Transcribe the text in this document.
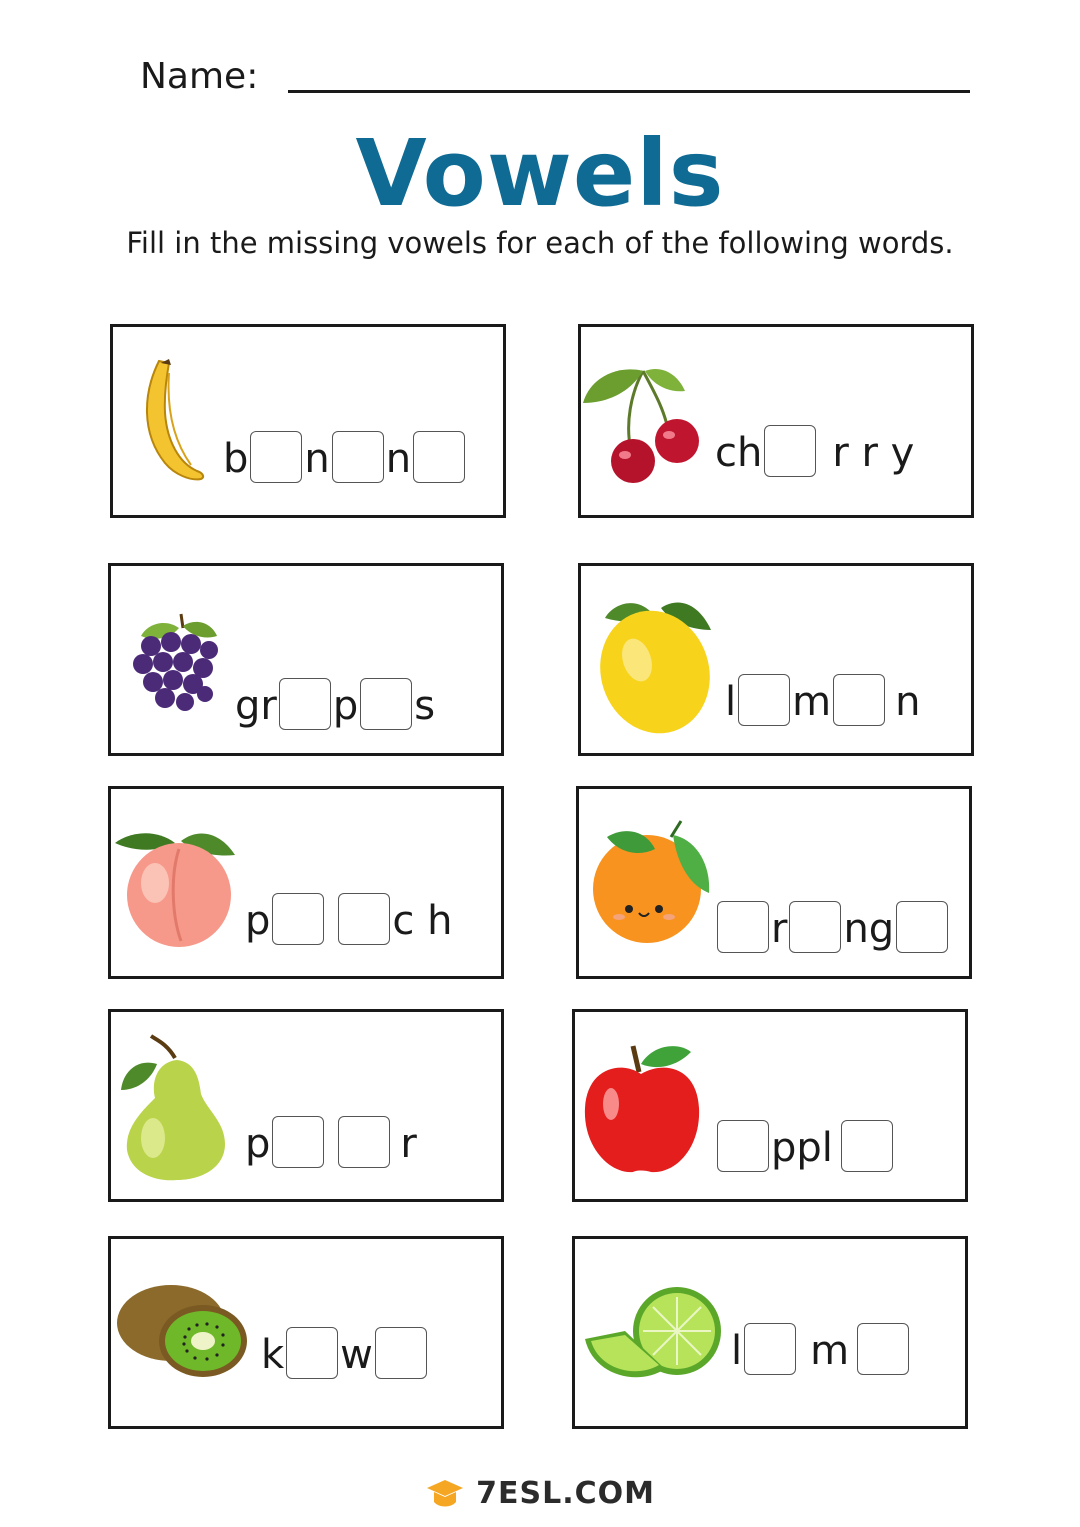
Name:
Vowels
Fill in the missing vowels for each of the following words.
b n n	ch r r y
gr p s	l m n
p	c h	r ng
p	r	ppl
k w	l m
7ESL.COM
